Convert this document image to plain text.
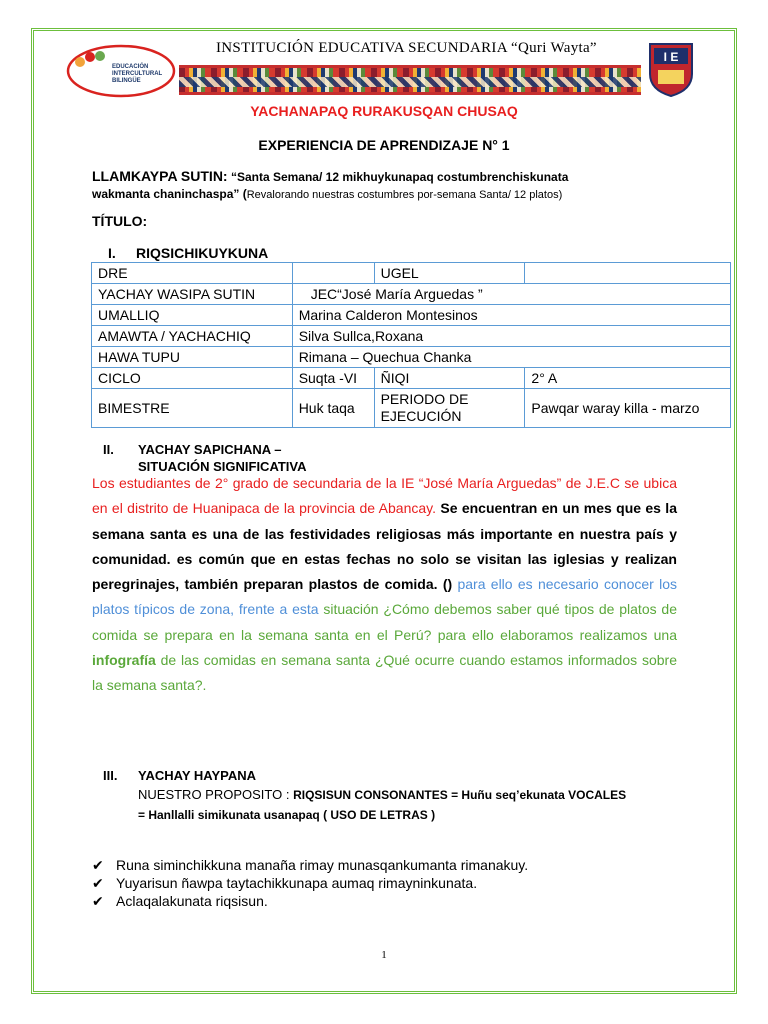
EDUCACIÓN
INTERCULTURAL
BILINGÜE
INSTITUCIÓN EDUCATIVA SECUNDARIA “Quri Wayta”
I E
YACHANAPAQ RURAKUSQAN CHUSAQ
EXPERIENCIA DE APRENDIZAJE N° 1
LLAMKAYPA SUTIN: “Santa Semana/ 12 mikhuykunapaq costumbrenchiskunata
wakmanta chaninchaspa” (Revalorando nuestras costumbres por-semana Santa/ 12 platos)
TÍTULO:
I. RIQSICHIKUYKUNA
DRE		UGEL	
YACHAY WASIPA SUTIN	JEC“José María Arguedas ”		
UMALLIQ	Marina Calderon Montesinos		
AMAWTA / YACHACHIQ	Silva Sullca,Roxana		
HAWA TUPU	Rimana – Quechua Chanka		
CICLO	Suqta -VI	ÑIQI	2° A
BIMESTRE	Huk taqa	PERIODO DE EJECUCIÓN	Pawqar waray killa - marzo
II. YACHAY SAPICHANA –
SITUACIÓN SIGNIFICATIVA
Los estudiantes de 2° grado de secundaria de la IE “José María Arguedas” de J.E.C se ubica en el distrito de Huanipaca de la provincia de Abancay. Se encuentran en un mes que es la semana santa es una de las festividades religiosas más importante en nuestra país y comunidad. es común que en estas fechas no solo se visitan las iglesias y realizan peregrinajes, también preparan plastos de comida. () para ello es necesario conocer los platos típicos de zona, frente a esta situación ¿Cómo debemos saber qué tipos de platos de comida se prepara en la semana santa en el Perú? para ello elaboramos realizamos una infografía de las comidas en semana santa ¿Qué ocurre cuando estamos informados sobre la semana santa?.
III. YACHAY HAYPANA
NUESTRO PROPOSITO : RIQSISUN CONSONANTES = Huñu seq’ekunata VOCALES
= Hanllalli simikunata usanapaq ( USO DE LETRAS )
✔ Runa siminchikkuna manaña rimay munasqankumanta rimanakuy.
✔ Yuyarisun ñawpa taytachikkunapa aumaq rimayninkunata.
✔ Aclaqalakunata riqsisun.
1
